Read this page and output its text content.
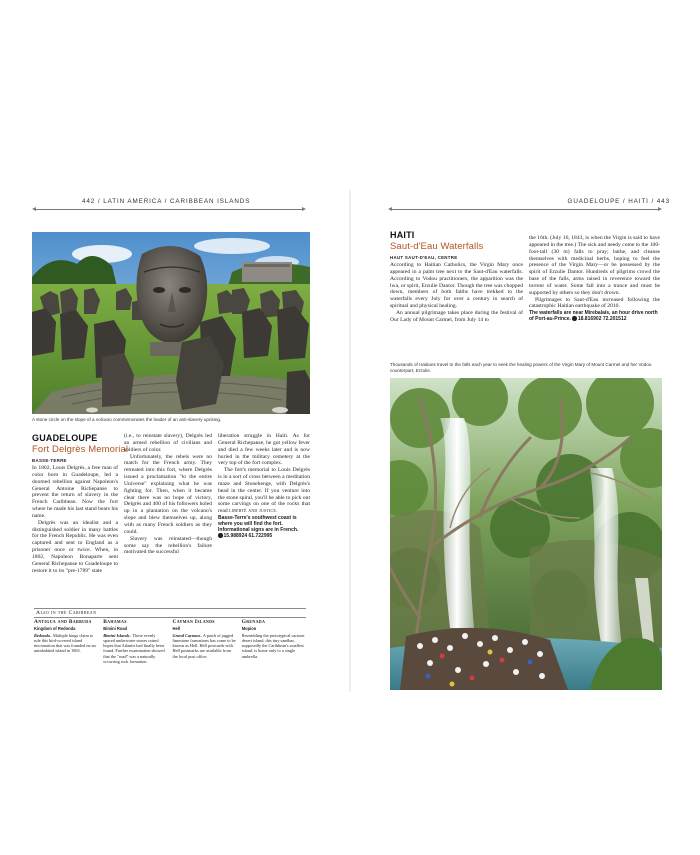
442 / LATIN AMERICA / CARIBBEAN ISLANDS
A stone circle on the slope of a volcano commemorates the leader of an anti-slavery uprising.
GUADELOUPE
Fort Delgrès Memorial
BASSE-TERRE

In 1802, Louis Delgrès, a free man of color born in Guadeloupe, led a doomed rebellion against Napoleon's General Antoine Richepanse to prevent the return of slavery in the French Caribbean. Now the fort where he made his last stand bears his name.

Delgrès was an idealist and a distinguished soldier in many battles for the French Republic. He was even captured and sent to England as a prisoner once or twice. When, in 1802, Napoleon Bonaparte sent General Richepanse to Guadeloupe to restore it to its "pre-1789" state

(i.e., to reinstate slavery), Delgrès led an armed rebellion of civilians and soldiers of color.

Unfortunately, the rebels were no match for the French army. They retreated into this fort, where Delgrès issued a proclamation "to the entire Universe" explaining what he was fighting for. Then, when it became clear there was no hope of victory, Delgrès and 400 of his followers holed up in a plantation on the volcano's slope and blew themselves up, along with as many French soldiers as they could.

Slavery was reinstated—though some say the rebellion's failure motivated the successful

liberation struggle in Haiti. As for General Richepanse, he got yellow fever and died a few weeks later and is now buried in the military cemetery at the very top of the fort complex.

The fort's memorial to Louis Delgrès is in a sort of cross between a meditation maze and Stonehenge, with Delgrès's head in the center. If you venture into the stone spiral, you'll be able to pick out some carvings on one of the rocks that read liberté and justice.

Basse-Terre's southwest coast is where you will find the fort. Informational signs are in French.
15.988924 61.722995
Also in the Caribbean
Antigua and Barbuda
Kingdom of Redonda
Redonda– Multiple kings claim to rule this bird-covered island micronation that was founded on an uninhabited island in 1865.
Bahamas
Bimini Road
Bimini Islands– These evenly spaced underwater stones raised hopes that Atlantis had finally been found. Further examination showed that the "road" was a naturally occurring rock formation.
Cayman Islands
Hell
Grand Cayman– A patch of jagged limestone formations has come to be known as Hell. Hell postcards with Hell postmarks are available from the local post office.
Grenada
Mopion
Resembling the prototypical cartoon desert island, this tiny sandbar, supposedly the Caribbean's smallest island, is home only to a single umbrella.
GUADELOUPE / HAITI / 443
HAITI
Saut-d'Eau Waterfalls
HAUT SAUT-D'EAU, CENTRE

According to Haitian Catholics, the Virgin Mary once appeared in a palm tree next to the Saut-d'Eau waterfalls. According to Vodou practitioners, the apparition was the lwa, or spirit, Erzulie Dantor. Though the tree was chopped down, members of both faiths have trekked to the waterfalls every July for over a century in search of spiritual and physical healing.

An annual pilgrimage takes place during the festival of Our Lady of Mount Carmel, from July 14 to

the 16th. (July 16, 1843, is when the Virgin is said to have appeared in the tree.) The sick and needy come to the 100-foot-tall (30 m) falls to pray; bathe, and cleanse themselves with medicinal herbs, hoping to feel the presence of the Virgin Mary—or be possessed by the spirit of Erzulie Dantor. Hundreds of pilgrims crowd the base of the falls, arms raised in reverence toward the torrent of water. Some fall into a trance and must be supported by others so they don't drown.

Pilgrimages to Saut-d'Eau increased following the catastrophic Haitian earthquake of 2010.

The waterfalls are near Mirebalais, an hour drive north of Port-au-Prince. 18.816902 72.201512
Thousands of Haitians travel to the falls each year to seek the healing powers of the Virgin Mary of Mount Carmel and her Vodou counterpart, Erzulie.
